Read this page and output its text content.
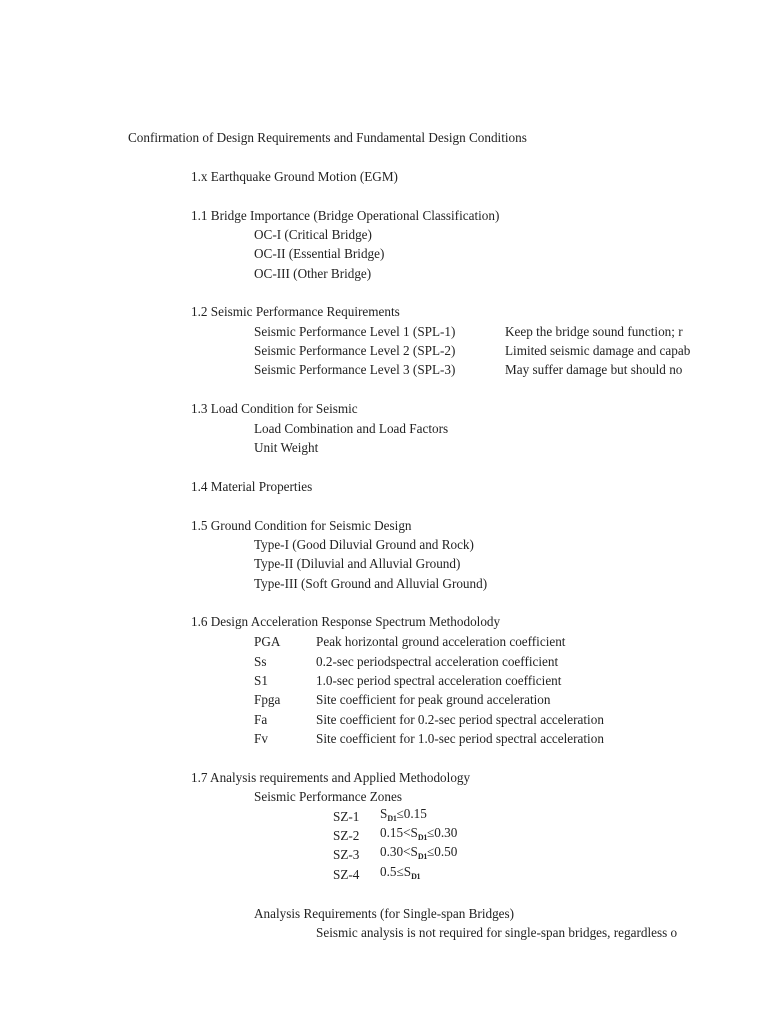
Confirmation of Design Requirements and Fundamental Design Conditions
1.x Earthquake Ground Motion (EGM)
1.1 Bridge Importance (Bridge Operational Classification)
OC-I (Critical Bridge)
OC-II (Essential Bridge)
OC-III (Other Bridge)
1.2 Seismic Performance Requirements
Seismic Performance Level 1 (SPL-1)	Keep the bridge sound function; r
Seismic Performance Level 2 (SPL-2)	Limited seismic damage and capab
Seismic Performance Level 3 (SPL-3)	May suffer damage but should no
1.3 Load Condition for Seismic
Load Combination and Load Factors
Unit Weight
1.4 Material Properties
1.5 Ground Condition for Seismic Design
Type-I (Good Diluvial Ground and Rock)
Type-II (Diluvial and Alluvial Ground)
Type-III (Soft Ground and Alluvial Ground)
1.6 Design Acceleration Response Spectrum Methodolody
PGA	Peak horizontal ground acceleration coefficient
Ss	0.2-sec periodspectral acceleration coefficient
S1	1.0-sec period spectral acceleration coefficient
Fpga	Site coefficient for peak ground acceleration
Fa	Site coefficient for 0.2-sec period spectral acceleration
Fv	Site coefficient for 1.0-sec period spectral acceleration
1.7 Analysis requirements and Applied Methodology
Seismic Performance Zones
SZ-1 $S_{D1}\le 0.15$
SZ-2 $0.15<S_{D1}\le 0.30$
SZ-3 $0.30<S_{D1}\le 0.50$
SZ-4 $0.5\le S_{D1}$
Analysis Requirements (for Single-span Bridges)
Seismic analysis is not required for single-span bridges, regardless o
